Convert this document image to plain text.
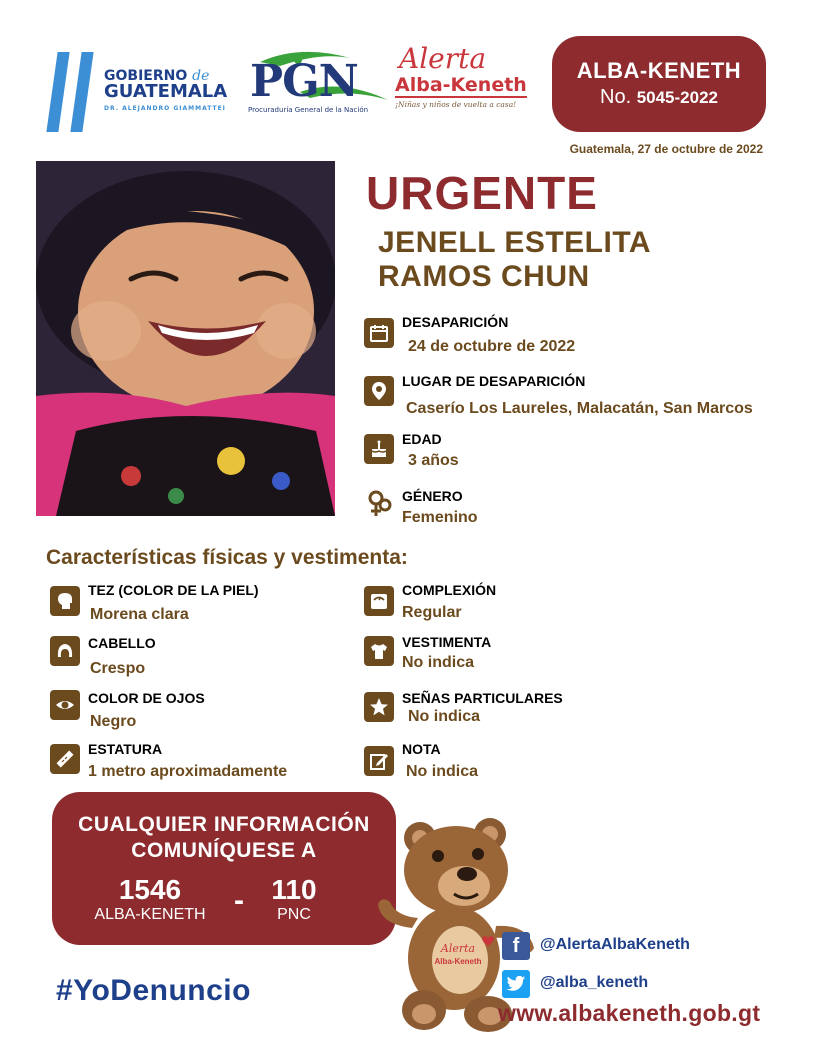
GOBIERNO de
GUATEMALA
DR. ALEJANDRO GIAMMATTEI
PGN
Procuraduría General de la Nación
Alerta
Alba-Keneth
¡Niñas y niños de vuelta a casa!
ALBA-KENETH
No. 5045-2022
Guatemala, 27 de octubre de 2022
URGENTE
JENELL ESTELITA
RAMOS CHUN
DESAPARICIÓN
24 de octubre de 2022
LUGAR DE DESAPARICIÓN
Caserío Los Laureles, Malacatán, San Marcos
EDAD
3 años
GÉNERO
Femenino
Características físicas y vestimenta:
TEZ (COLOR DE LA PIEL)
Morena clara
CABELLO
Crespo
COLOR DE OJOS
Negro
ESTATURA
1 metro aproximadamente
COMPLEXIÓN
Regular
VESTIMENTA
No indica
SEÑAS PARTICULARES
No indica
NOTA
No indica
CUALQUIER INFORMACIÓN
COMUNÍQUESE A
1546
ALBA-KENETH - 110
PNC
#YoDenuncio
Alerta
Alba-Keneth
f	@AlertaAlbaKeneth
@alba_keneth
www.albakeneth.gob.gt
